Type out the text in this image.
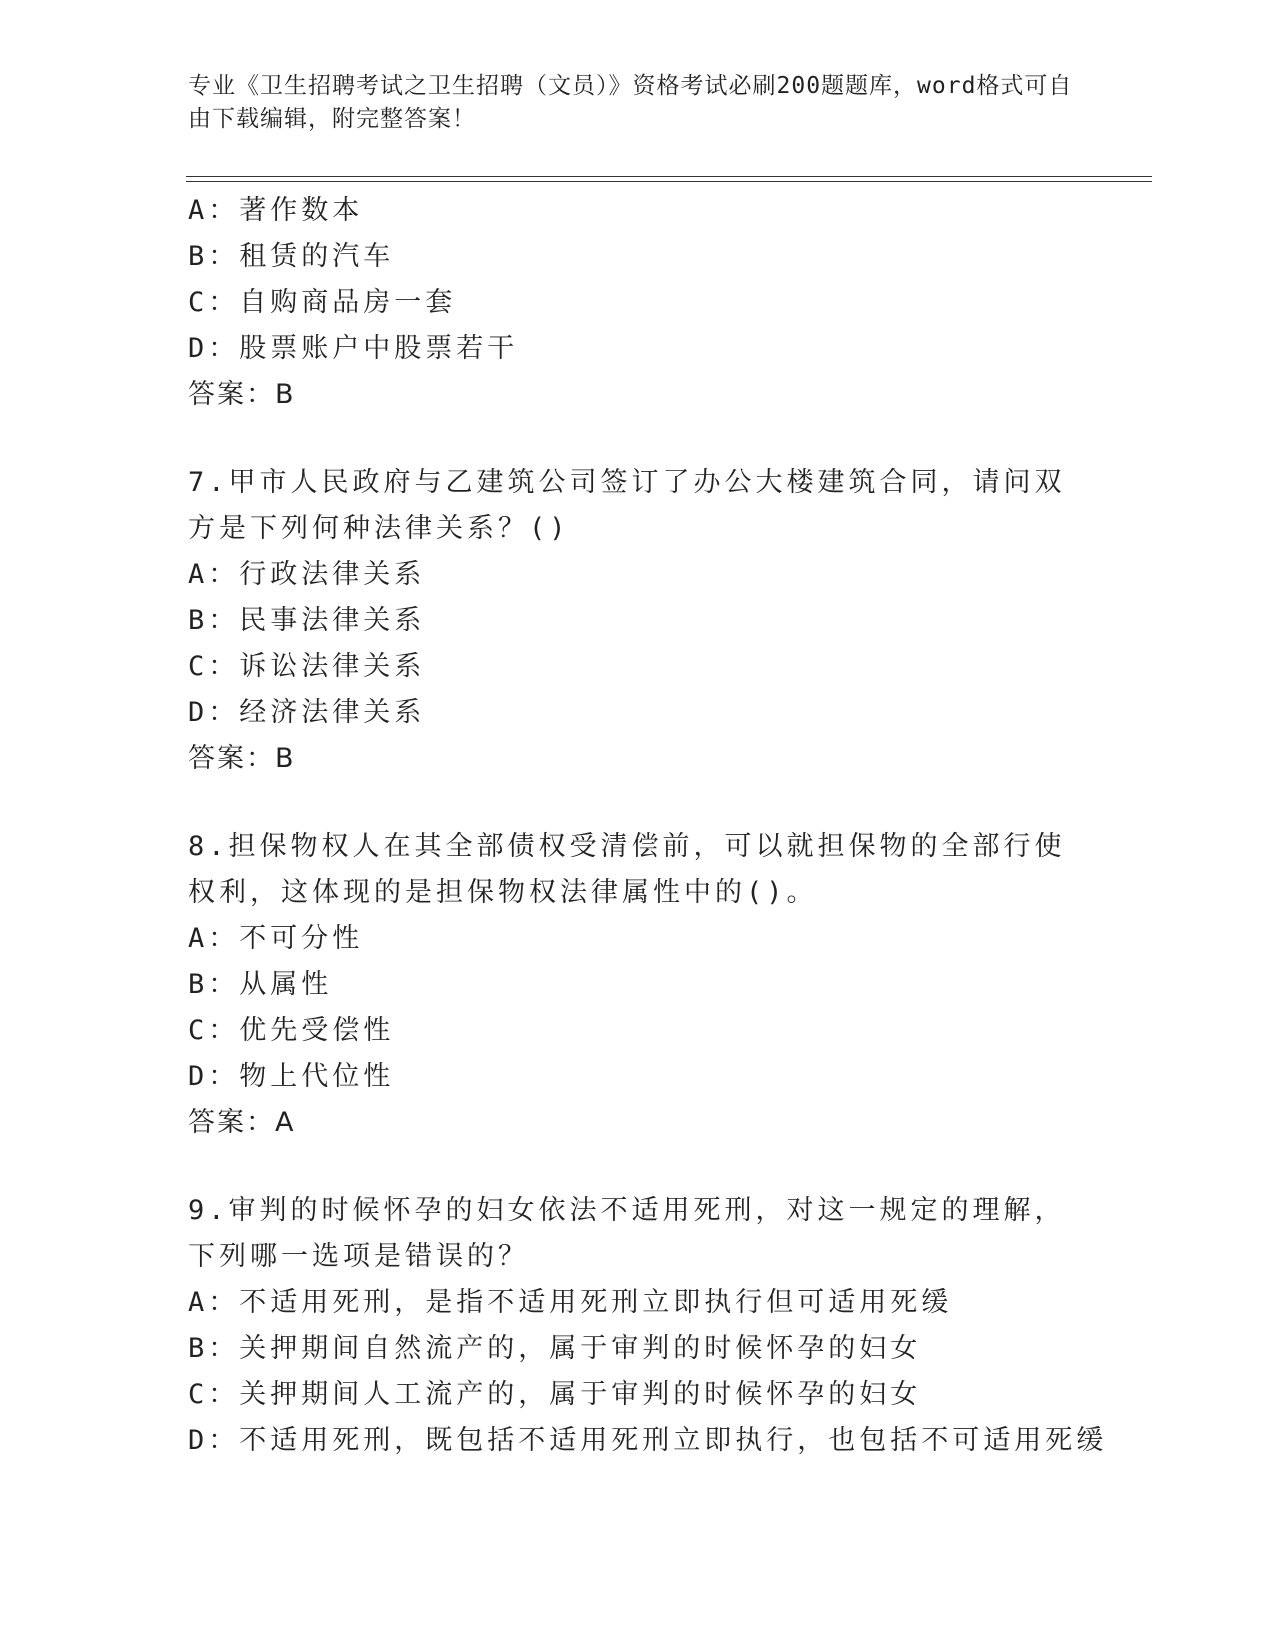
专业《卫生招聘考试之卫生招聘（文员）》资格考试必刷200题题库，word格式可自由下载编辑，附完整答案！
A：著作数本
B：租赁的汽车
C：自购商品房一套
D：股票账户中股票若干
答案：B
7.甲市人民政府与乙建筑公司签订了办公大楼建筑合同，请问双方是下列何种法律关系？()
A：行政法律关系
B：民事法律关系
C：诉讼法律关系
D：经济法律关系
答案：B
8.担保物权人在其全部债权受清偿前，可以就担保物的全部行使权利，这体现的是担保物权法律属性中的()。
A：不可分性
B：从属性
C：优先受偿性
D：物上代位性
答案：A
9.审判的时候怀孕的妇女依法不适用死刑，对这一规定的理解，下列哪一选项是错误的？
A：不适用死刑，是指不适用死刑立即执行但可适用死缓
B：关押期间自然流产的，属于审判的时候怀孕的妇女
C：关押期间人工流产的，属于审判的时候怀孕的妇女
D：不适用死刑，既包括不适用死刑立即执行，也包括不可适用死缓
